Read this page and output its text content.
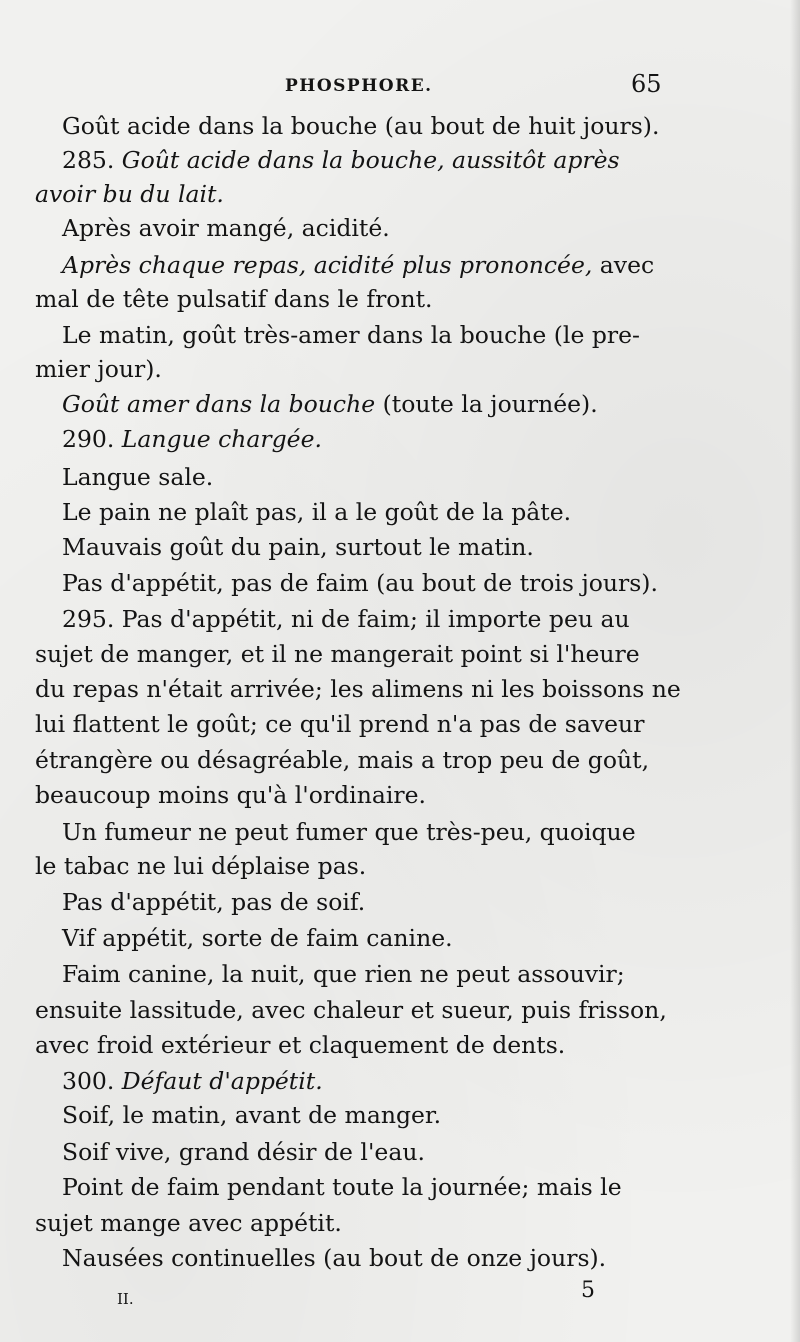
PHOSPHORE.	65
Goût acide dans la bouche (au bout de huit jours).
285. Goût acide dans la bouche, aussitôt après
avoir bu du lait.
Après avoir mangé, acidité.
Après chaque repas, acidité plus prononcée, avec
mal de tête pulsatif dans le front.
Le matin, goût très-amer dans la bouche (le pre-
mier jour).
Goût amer dans la bouche (toute la journée).
290. Langue chargée.
Langue sale.
Le pain ne plaît pas, il a le goût de la pâte.
Mauvais goût du pain, surtout le matin.
Pas d'appétit, pas de faim (au bout de trois jours).
295. Pas d'appétit, ni de faim; il importe peu au
sujet de manger, et il ne mangerait point si l'heure
du repas n'était arrivée; les alimens ni les boissons ne
lui flattent le goût; ce qu'il prend n'a pas de saveur
étrangère ou désagréable, mais a trop peu de goût,
beaucoup moins qu'à l'ordinaire.
Un fumeur ne peut fumer que très-peu, quoique
le tabac ne lui déplaise pas.
Pas d'appétit, pas de soif.
Vif appétit, sorte de faim canine.
Faim canine, la nuit, que rien ne peut assouvir;
ensuite lassitude, avec chaleur et sueur, puis frisson,
avec froid extérieur et claquement de dents.
300. Défaut d'appétit.
Soif, le matin, avant de manger.
Soif vive, grand désir de l'eau.
Point de faim pendant toute la journée; mais le
sujet mange avec appétit.
Nausées continuelles (au bout de onze jours).
II.	5
